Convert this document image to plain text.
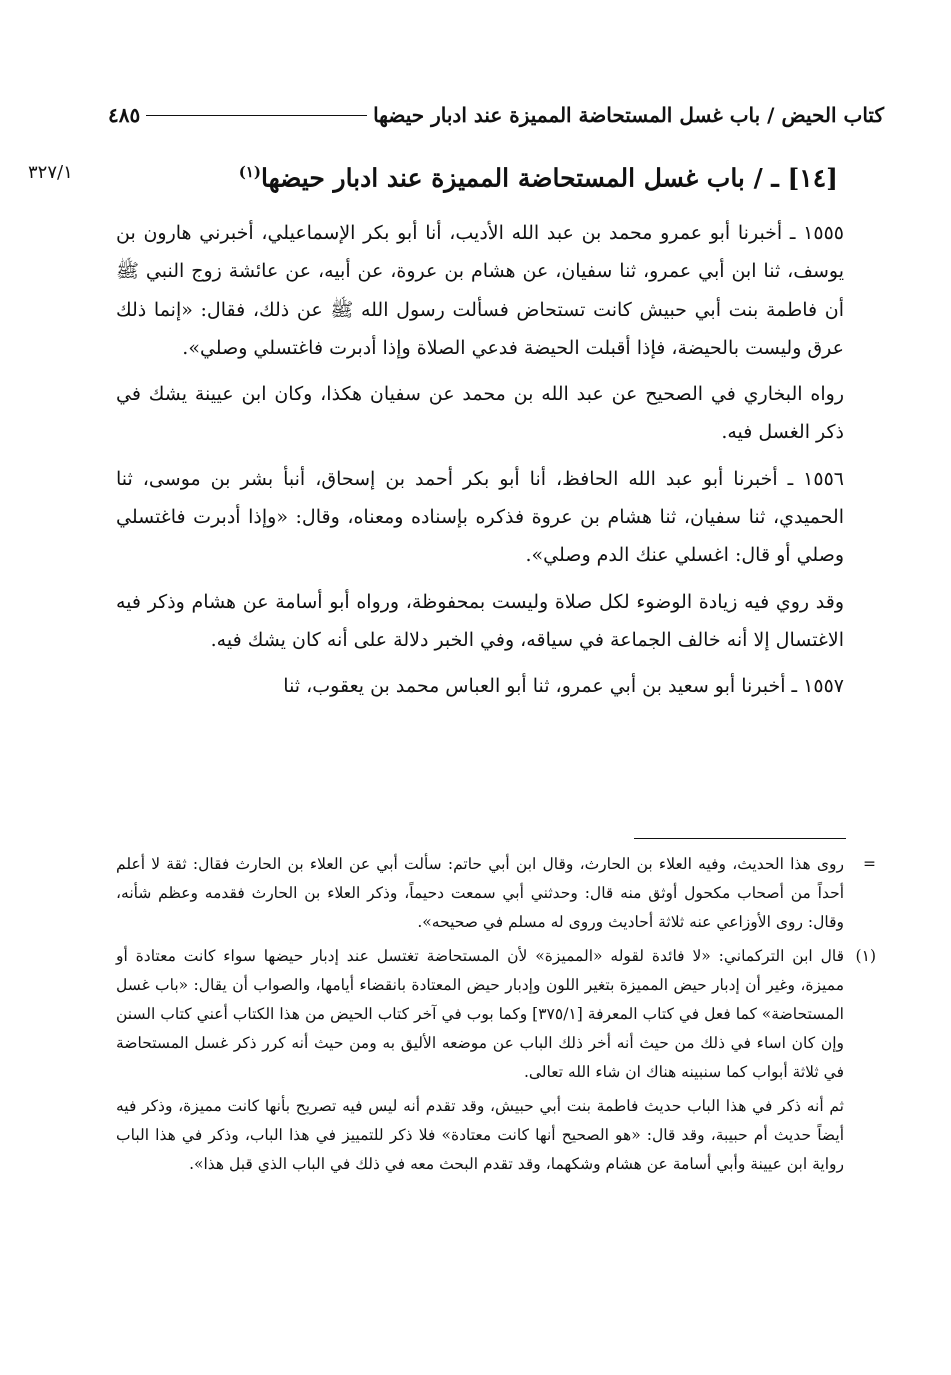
كتاب الحيض / باب غسل المستحاضة المميزة عند ادبار حيضها
٤٨٥
[١٤] ـ / باب غسل المستحاضة المميزة عند ادبار حيضها$^{(١)}$
٣٢٧/١

١٥٥٥ ـ أخبرنا أبو عمرو محمد بن عبد الله الأديب، أنا أبو بكر الإسماعيلي، أخبرني هارون بن يوسف، ثنا ابن أبي عمرو، ثنا سفيان، عن هشام بن عروة، عن أبيه، عن عائشة زوج النبي ﷺ أن فاطمة بنت أبي حبيش كانت تستحاض فسألت رسول الله ﷺ عن ذلك، فقال: «إنما ذلك عرق وليست بالحيضة، فإذا أقبلت الحيضة فدعي الصلاة وإذا أدبرت فاغتسلي وصلي».

رواه البخاري في الصحيح عن عبد الله بن محمد عن سفيان هكذا، وكان ابن عيينة يشك في ذكر الغسل فيه.

١٥٥٦ ـ أخبرنا أبو عبد الله الحافظ، أنا أبو بكر أحمد بن إسحاق، أنبأ بشر بن موسى، ثنا الحميدي، ثنا سفيان، ثنا هشام بن عروة فذكره بإسناده ومعناه، وقال: «وإذا أدبرت فاغتسلي وصلي أو قال: اغسلي عنك الدم وصلي».

وقد روي فيه زيادة الوضوء لكل صلاة وليست بمحفوظة، ورواه أبو أسامة عن هشام وذكر فيه الاغتسال إلا أنه خالف الجماعة في سياقه، وفي الخبر دلالة على أنه كان يشك فيه.

١٥٥٧ ـ أخبرنا أبو سعيد بن أبي عمرو، ثنا أبو العباس محمد بن يعقوب، ثنا

=

روى هذا الحديث، وفيه العلاء بن الحارث، وقال ابن أبي حاتم: سألت أبي عن العلاء بن الحارث فقال: ثقة لا أعلم أحداً من أصحاب مكحول أوثق منه قال: وحدثني أبي سمعت دحيماً، وذكر العلاء بن الحارث فقدمه وعظم شأنه، وقال: روى الأوزاعي عنه ثلاثة أحاديث وروى له مسلم في صحيحه».

(١)

قال ابن التركماني: «لا فائدة لقوله «المميزة» لأن المستحاضة تغتسل عند إدبار حيضها سواء كانت معتادة أو مميزة، وغير أن إدبار حيض المميزة بتغير اللون وإدبار حيض المعتادة بانقضاء أيامها، والصواب أن يقال: «باب غسل المستحاضة» كما فعل في كتاب المعرفة [٣٧٥/١] وكما بوب في آخر كتاب الحيض من هذا الكتاب أعني كتاب السنن وإن كان اساء في ذلك من حيث أنه أخر ذلك الباب عن موضعه الأليق به ومن حيث أنه كرر ذكر غسل المستحاضة في ثلاثة أبواب كما سنبينه هناك ان شاء الله تعالى.

ثم أنه ذكر في هذا الباب حديث فاطمة بنت أبي حبيش، وقد تقدم أنه ليس فيه تصريح بأنها كانت مميزة، وذكر فيه أيضاً حديث أم حبيبة، وقد قال: «هو الصحيح أنها كانت معتادة» فلا ذكر للتمييز في هذا الباب، وذكر في هذا الباب رواية ابن عيينة وأبي أسامة عن هشام وشكهما، وقد تقدم البحث معه في ذلك في الباب الذي قبل هذا».
